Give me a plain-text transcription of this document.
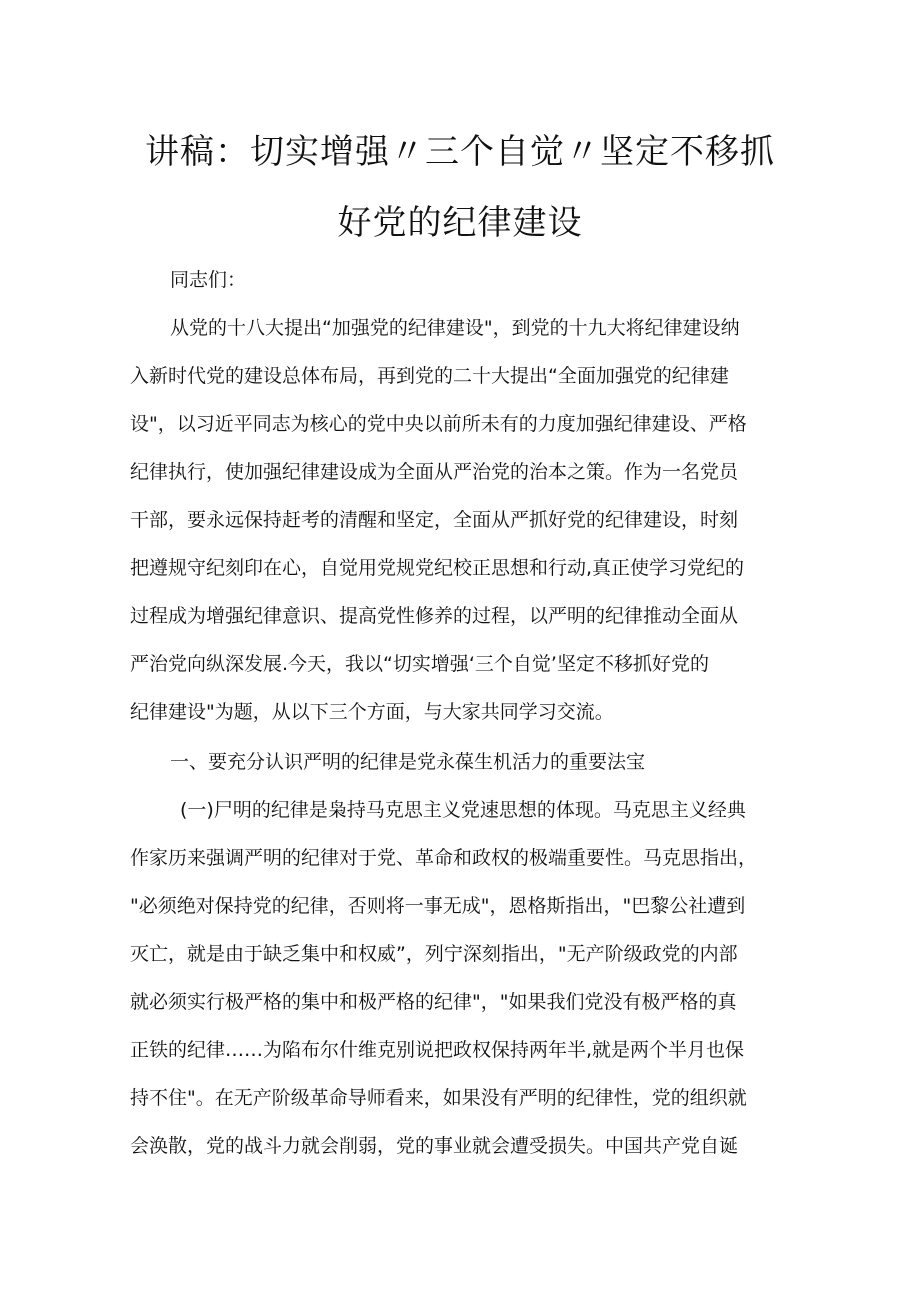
讲稿：切实增强〃三个自觉〃坚定不移抓
好党的纪律建设
同志们：
从党的十八大提出“加强党的纪律建设"，到党的十九大将纪律建设纳
入新时代党的建设总体布局，再到党的二十大提出“全面加强党的纪律建
设"，以习近平同志为核心的党中央以前所未有的力度加强纪律建设、严格
纪律执行，使加强纪律建设成为全面从严治党的治本之策。作为一名党员
干部，要永远保持赶考的清醒和坚定，全面从严抓好党的纪律建设，时刻
把遵规守纪刻印在心，自觉用党规党纪校正思想和行动,真正使学习党纪的
过程成为增强纪律意识、提高党性修养的过程，以严明的纪律推动全面从
严治党向纵深发展.今天，我以“切实增强‘三个自觉’坚定不移抓好党的
纪律建设"为题，从以下三个方面，与大家共同学习交流。
一、要充分认识严明的纪律是党永葆生机活力的重要法宝
(一)尸明的纪律是枭持马克思主义党速思想的体现。马克思主义经典
作家历来强调严明的纪律对于党、革命和政权的极端重要性。马克思指出，
"必须绝对保持党的纪律，否则将一事无成"，恩格斯指出，"巴黎公社遭到
灭亡，就是由于缺乏集中和权威”，列宁深刻指出，"无产阶级政党的内部
就必须实行极严格的集中和极严格的纪律"，"如果我们党没有极严格的真
正铁的纪律……为陷布尔什维克别说把政权保持两年半,就是两个半月也保
持不住"。在无产阶级革命导师看来，如果没有严明的纪律性，党的组织就
会涣散，党的战斗力就会削弱，党的事业就会遭受损失。中国共产党自诞
